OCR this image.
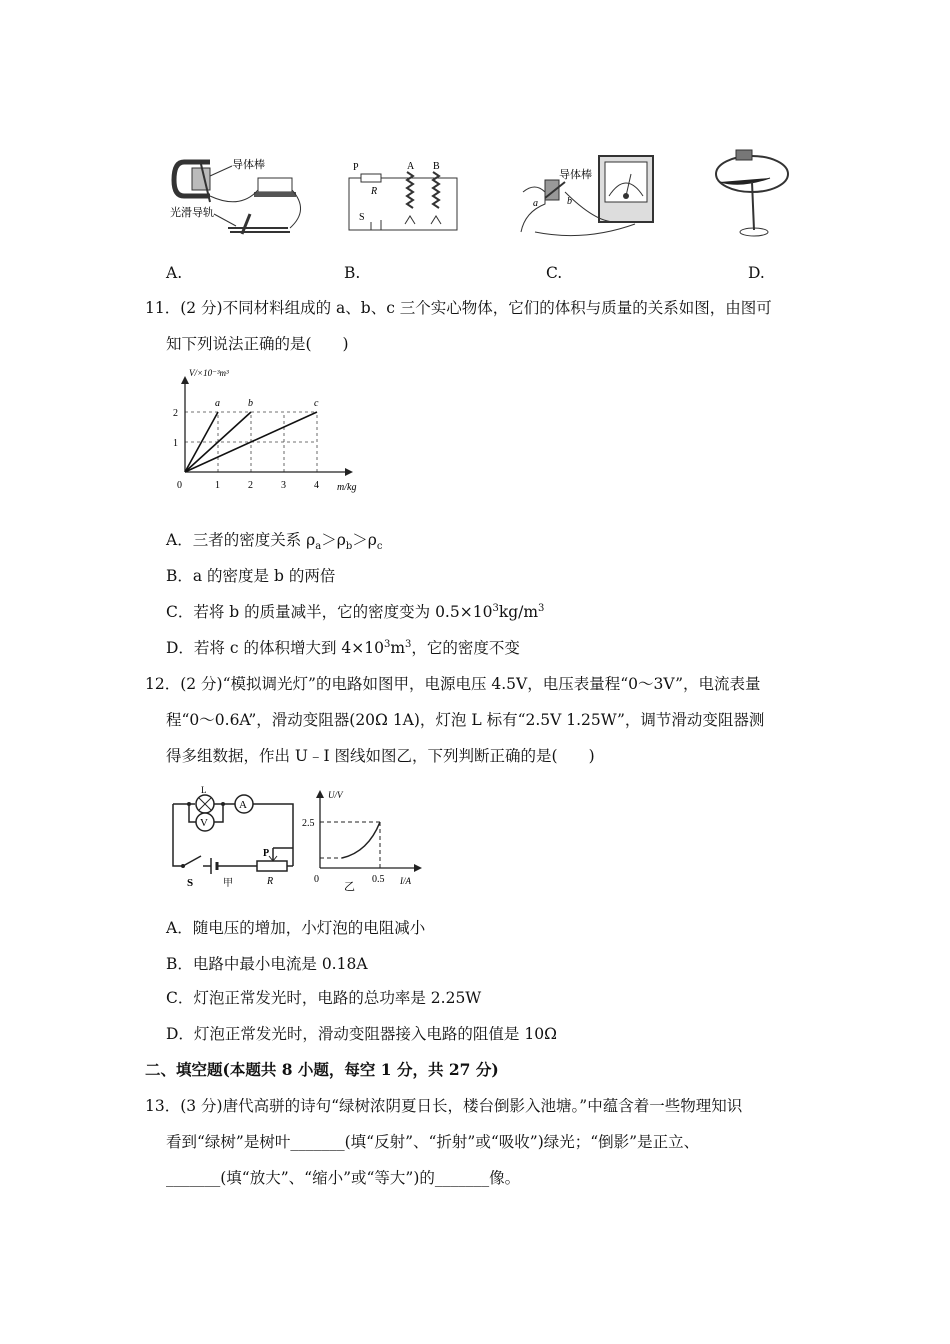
导体棒
光滑导轨
P
R
S
A B
导体棒
a	b
A.	B.	C.	D.
11．(2 分)不同材料组成的 a、b、c 三个实心物体，它们的体积与质量的关系如图，由图可
知下列说法正确的是(　　)
V/×10⁻³m³
m/kg
0	1	2	3	4
1
2
a	b	c
A．三者的密度关系 $\rho_a>\rho_b>\rho_c$
B．a 的密度是 b 的两倍
C．若将 b 的质量减半，它的密度变为 $0.5\times 10^3kg/m^3$
D．若将 c 的体积增大到 $4\times 10^3m^3$，它的密度不变
12．(2 分)“模拟调光灯”的电路如图甲，电源电压 4.5V，电压表量程“0～3V”，电流表量
程“0～0.6A”，滑动变阻器(20Ω 1A)，灯泡 L 标有“2.5V 1.25W”，调节滑动变阻器测
得多组数据，作出 U﹣I 图线如图乙，下列判断正确的是(　　)
A
V
L
P
R
S	甲
U/V
2.5
0	0.5 I/A
乙
A．随电压的增加，小灯泡的电阻减小
B．电路中最小电流是 0.18A
C．灯泡正常发光时，电路的总功率是 2.25W
D．灯泡正常发光时，滑动变阻器接入电路的阻值是 10Ω
二、填空题(本题共 8 小题，每空 1 分，共 27 分)
13．(3 分)唐代高骈的诗句“绿树浓阴夏日长，楼台倒影入池塘。”中蕴含着一些物理知识
看到“绿树”是树叶_______(填“反射”、“折射”或“吸收”)绿光；“倒影”是正立、
_______(填“放大”、“缩小”或“等大”)的_______像。
